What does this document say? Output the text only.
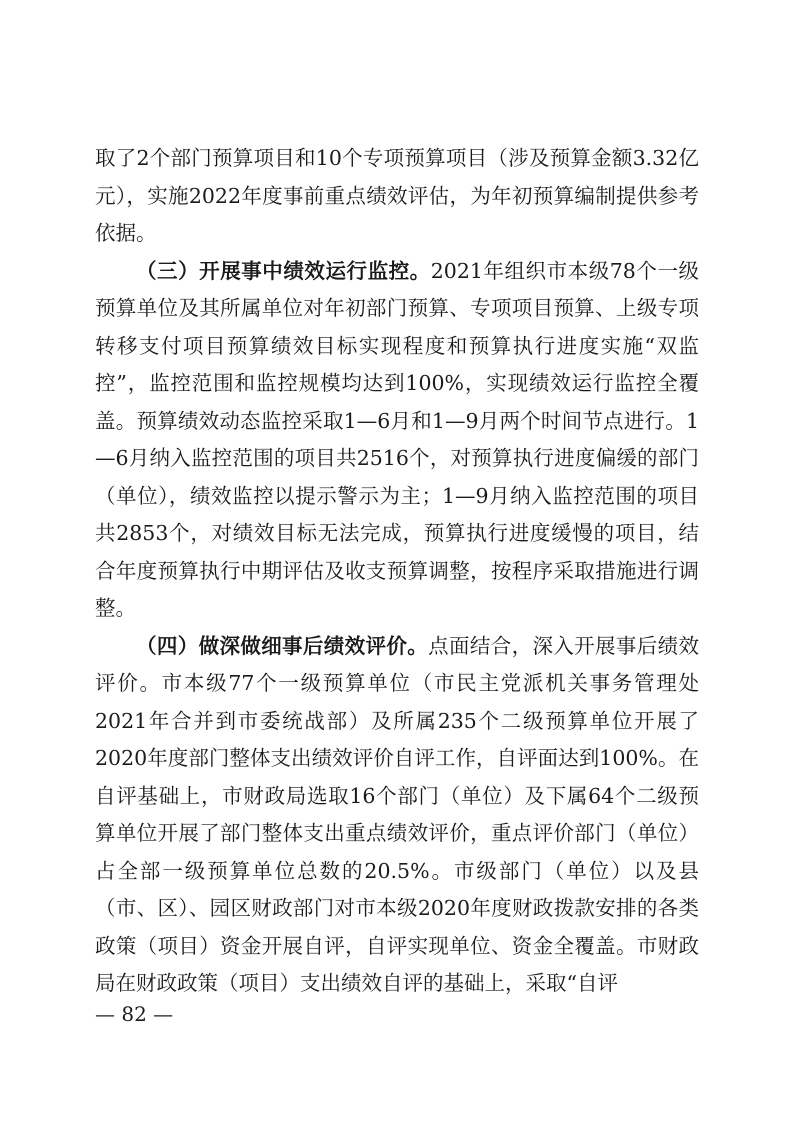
取了2个部门预算项目和10个专项预算项目（涉及预算金额3.32亿元），实施2022年度事前重点绩效评估，为年初预算编制提供参考依据。

（三）开展事中绩效运行监控。2021年组织市本级78个一级预算单位及其所属单位对年初部门预算、专项项目预算、上级专项转移支付项目预算绩效目标实现程度和预算执行进度实施“双监控”，监控范围和监控规模均达到100%，实现绩效运行监控全覆盖。预算绩效动态监控采取1—6月和1—9月两个时间节点进行。1—6月纳入监控范围的项目共2516个，对预算执行进度偏缓的部门（单位），绩效监控以提示警示为主；1—9月纳入监控范围的项目共2853个，对绩效目标无法完成，预算执行进度缓慢的项目，结合年度预算执行中期评估及收支预算调整，按程序采取措施进行调整。

（四）做深做细事后绩效评价。点面结合，深入开展事后绩效评价。市本级77个一级预算单位（市民主党派机关事务管理处2021年合并到市委统战部）及所属235个二级预算单位开展了2020年度部门整体支出绩效评价自评工作，自评面达到100%。在自评基础上，市财政局选取16个部门（单位）及下属64个二级预算单位开展了部门整体支出重点绩效评价，重点评价部门（单位）占全部一级预算单位总数的20.5%。市级部门（单位）以及县（市、区）、园区财政部门对市本级2020年度财政拨款安排的各类政策（项目）资金开展自评，自评实现单位、资金全覆盖。市财政局在财政政策（项目）支出绩效自评的基础上，采取“自评

— 82 —
